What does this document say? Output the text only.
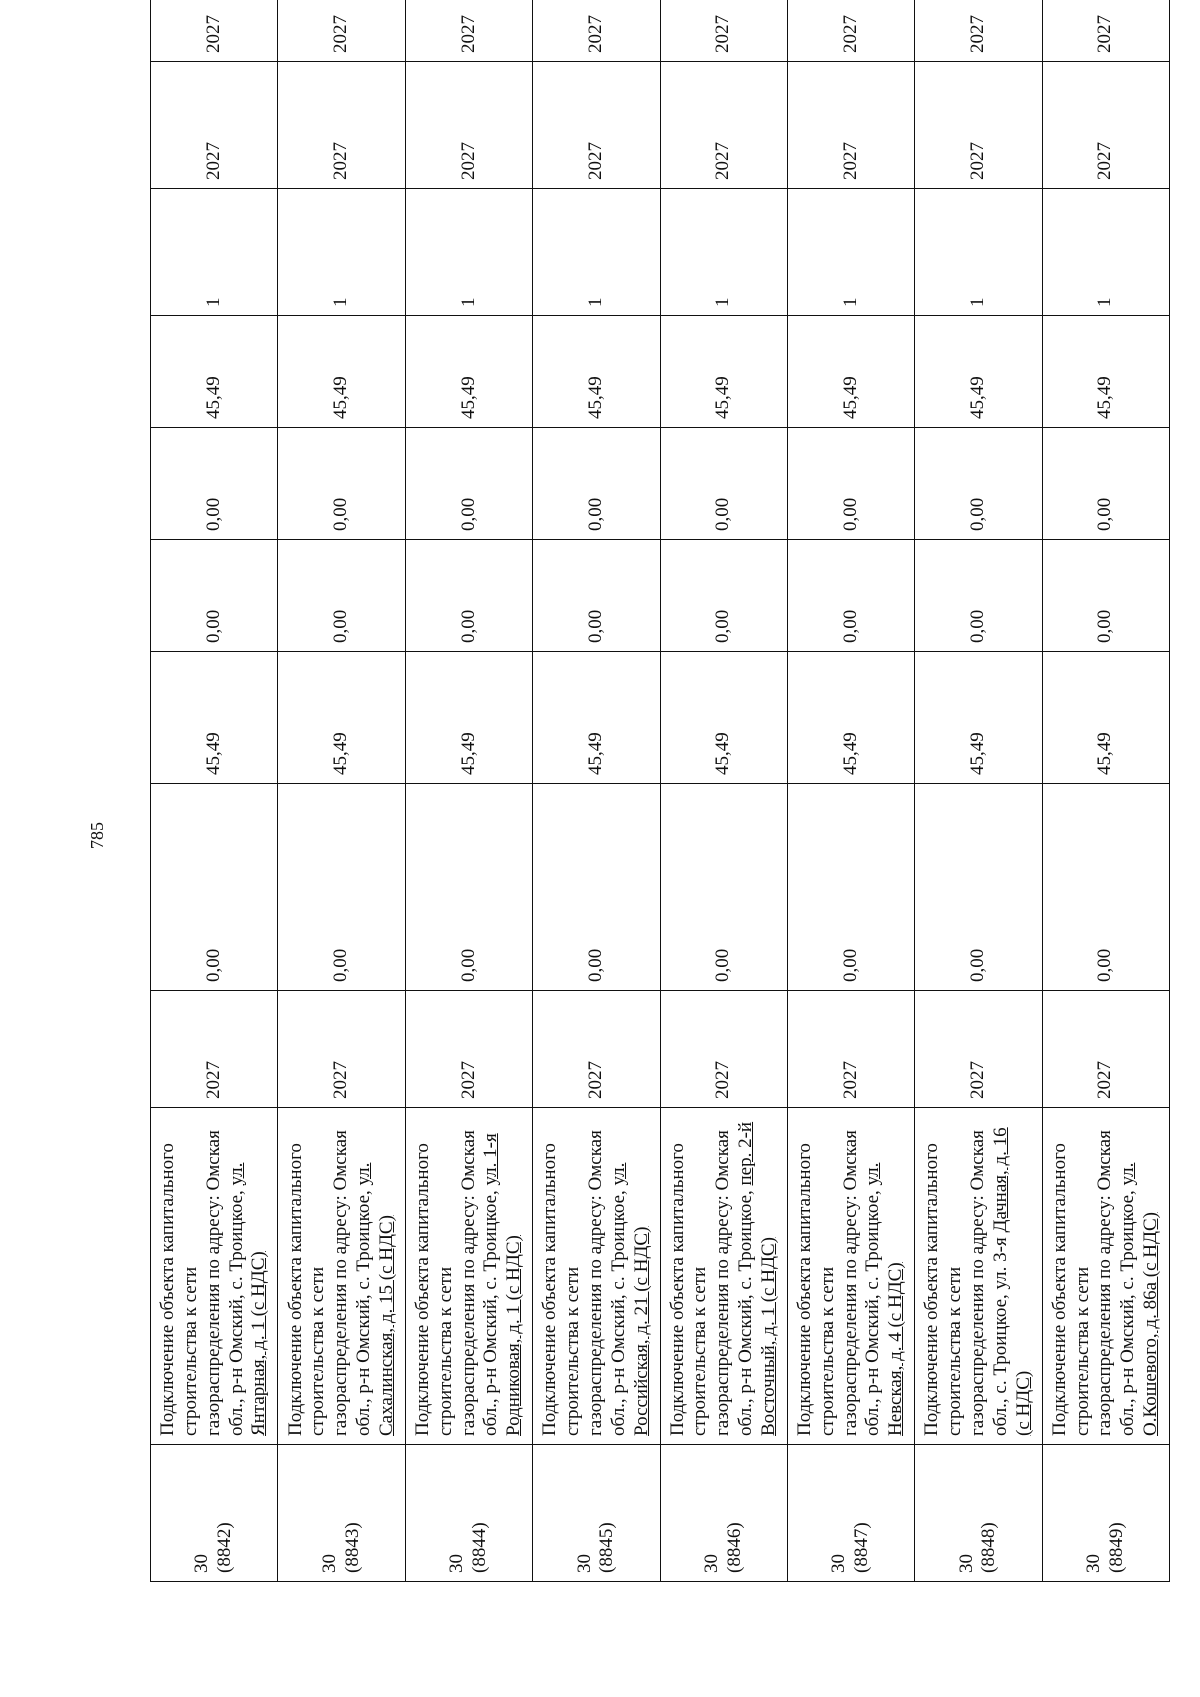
785
30 (8842)	Подключение объекта капитального строительства к сети газораспределения по адресу: Омская обл., р-н Омский, с. Троицкое, ул. Янтарная, д. 1 (с НДС)	2027	0,00	45,49	0,00	0,00	45,49	1	2027	2027

30 (8843)	Подключение объекта капитального строительства к сети газораспределения по адресу: Омская обл., р-н Омский, с. Троицкое, ул. Сахалинская, д. 15 (с НДС)	2027	0,00	45,49	0,00	0,00	45,49	1	2027	2027

30 (8844)	Подключение объекта капитального строительства к сети газораспределения по адресу: Омская обл., р-н Омский, с. Троицкое, ул. 1-я Родниковая, д. 1 (с НДС)	2027	0,00	45,49	0,00	0,00	45,49	1	2027	2027

30 (8845)	Подключение объекта капитального строительства к сети газораспределения по адресу: Омская обл., р-н Омский, с. Троицкое, ул. Российская, д. 21 (с НДС)	2027	0,00	45,49	0,00	0,00	45,49	1	2027	2027

30 (8846)	Подключение объекта капитального строительства к сети газораспределения по адресу: Омская обл., р-н Омский, с. Троицкое, пер. 2-й Восточный, д. 1 (с НДС)	2027	0,00	45,49	0,00	0,00	45,49	1	2027	2027

30 (8847)	Подключение объекта капитального строительства к сети газораспределения по адресу: Омская обл., р-н Омский, с. Троицкое, ул. Невская, д. 4 (с НДС)	2027	0,00	45,49	0,00	0,00	45,49	1	2027	2027

30 (8848)	Подключение объекта капитального строительства к сети газораспределения по адресу: Омская обл., с. Троицкое, ул. 3-я Дачная, д. 16 (с НДС)	2027	0,00	45,49	0,00	0,00	45,49	1	2027	2027

30 (8849)	Подключение объекта капитального строительства к сети газораспределения по адресу: Омская обл., р-н Омский, с. Троицкое, ул. О.Кошевого, д. 86а (с НДС)	2027	0,00	45,49	0,00	0,00	45,49	1	2027	2027
